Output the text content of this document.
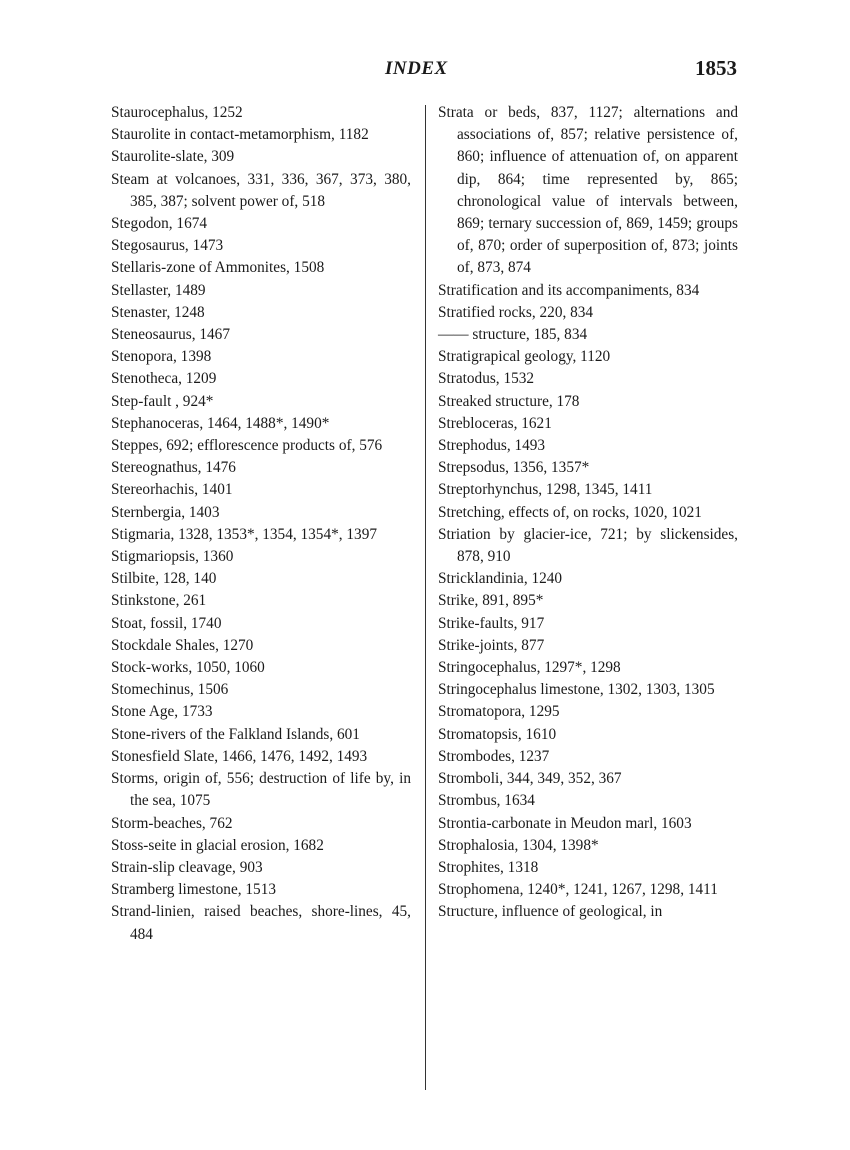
INDEX	1853
Staurocephalus, 1252
Staurolite in contact-metamorphism, 1182
Staurolite-slate, 309
Steam at volcanoes, 331, 336, 367, 373, 380, 385, 387; solvent power of, 518
Stegodon, 1674
Stegosaurus, 1473
Stellaris-zone of Ammonites, 1508
Stellaster, 1489
Stenaster, 1248
Steneosaurus, 1467
Stenopora, 1398
Stenotheca, 1209
Step-fault , 924*
Stephanoceras, 1464, 1488*, 1490*
Steppes, 692; efflorescence products of, 576
Stereognathus, 1476
Stereorhachis, 1401
Sternbergia, 1403
Stigmaria, 1328, 1353*, 1354, 1354*, 1397
Stigmariopsis, 1360
Stilbite, 128, 140
Stinkstone, 261
Stoat, fossil, 1740
Stockdale Shales, 1270
Stock-works, 1050, 1060
Stomechinus, 1506
Stone Age, 1733
Stone-rivers of the Falkland Islands, 601
Stonesfield Slate, 1466, 1476, 1492, 1493
Storms, origin of, 556; destruction of life by, in the sea, 1075
Storm-beaches, 762
Stoss-seite in glacial erosion, 1682
Strain-slip cleavage, 903
Stramberg limestone, 1513
Strand-linien, raised beaches, shore-lines, 45, 484
Strata or beds, 837, 1127; alternations and associations of, 857; relative persistence of, 860; influence of attenuation of, on apparent dip, 864; time represented by, 865; chronological value of intervals between, 869; ternary succession of, 869, 1459; groups of, 870; order of superposition of, 873; joints of, 873, 874
Stratification and its accompaniments, 834
Stratified rocks, 220, 834
—— structure, 185, 834
Stratigrapical geology, 1120
Stratodus, 1532
Streaked structure, 178
Strebloceras, 1621
Strephodus, 1493
Strepsodus, 1356, 1357*
Streptorhynchus, 1298, 1345, 1411
Stretching, effects of, on rocks, 1020, 1021
Striation by glacier-ice, 721; by slickensides, 878, 910
Stricklandinia, 1240
Strike, 891, 895*
Strike-faults, 917
Strike-joints, 877
Stringocephalus, 1297*, 1298
Stringocephalus limestone, 1302, 1303, 1305
Stromatopora, 1295
Stromatopsis, 1610
Strombodes, 1237
Stromboli, 344, 349, 352, 367
Strombus, 1634
Strontia-carbonate in Meudon marl, 1603
Strophalosia, 1304, 1398*
Strophites, 1318
Strophomena, 1240*, 1241, 1267, 1298, 1411
Structure, influence of geological, in
